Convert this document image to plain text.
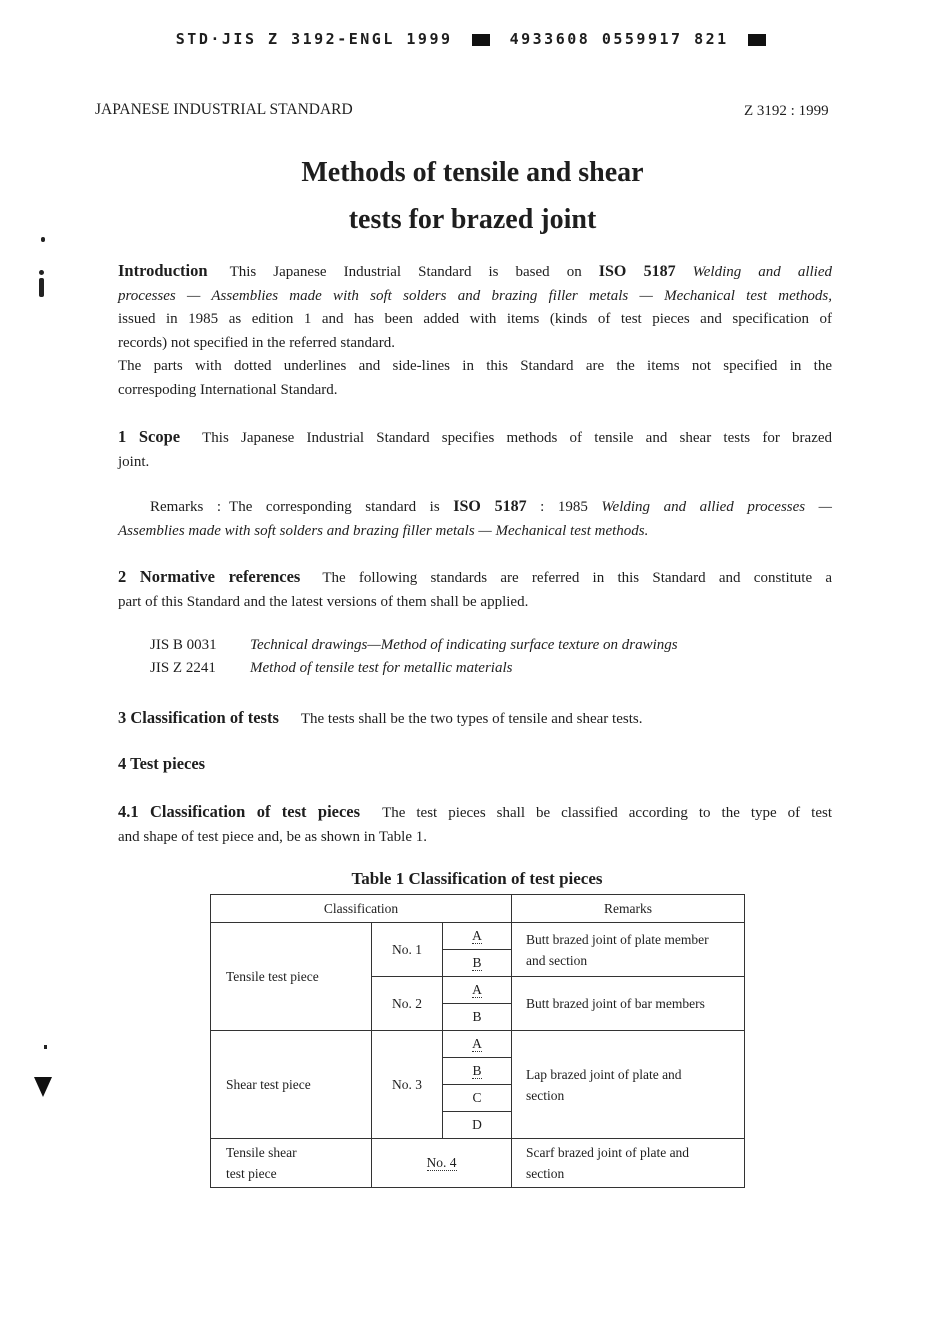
STD·JIS Z 3192-ENGL 1999	4933608 0559917 821
JAPANESE INDUSTRIAL STANDARD	Z 3192 : 1999
Methods of tensile and shear
tests for brazed joint
Introduction This Japanese Industrial Standard is based on ISO 5187 Welding and allied
processes — Assemblies made with soft solders and brazing filler metals — Mechanical test methods,
issued in 1985 as edition 1 and has been added with items (kinds of test pieces and specification of
records) not specified in the referred standard.
The parts with dotted underlines and side-lines in this Standard are the items not specified in the
correspoding International Standard.
1 Scope This Japanese Industrial Standard specifies methods of tensile and shear tests for brazed
joint.
Remarks : The corresponding standard is ISO 5187 : 1985 Welding and allied processes —
Assemblies made with soft solders and brazing filler metals — Mechanical test methods.
2 Normative references The following standards are referred in this Standard and constitute a
part of this Standard and the latest versions of them shall be applied.
JIS B 0031 Technical drawings—Method of indicating surface texture on drawings
JIS Z 2241 Method of tensile test for metallic materials
3 Classification of tests The tests shall be the two types of tensile and shear tests.
4 Test pieces
4.1 Classification of test pieces The test pieces shall be classified according to the type of test
and shape of test piece and, be as shown in Table 1.
Table 1 Classification of test pieces
Classification			Remarks
Tensile test piece	No. 1	A	Butt brazed joint of plate member
and section

		B	
	No. 2	A	Butt brazed joint of bar members
		B	
Shear test piece	No. 3	A	Lap brazed joint of plate and
section

		B	
		C	
		D	

Tensile shear
test piece	No. 4		Scarf brazed joint of plate and
section
